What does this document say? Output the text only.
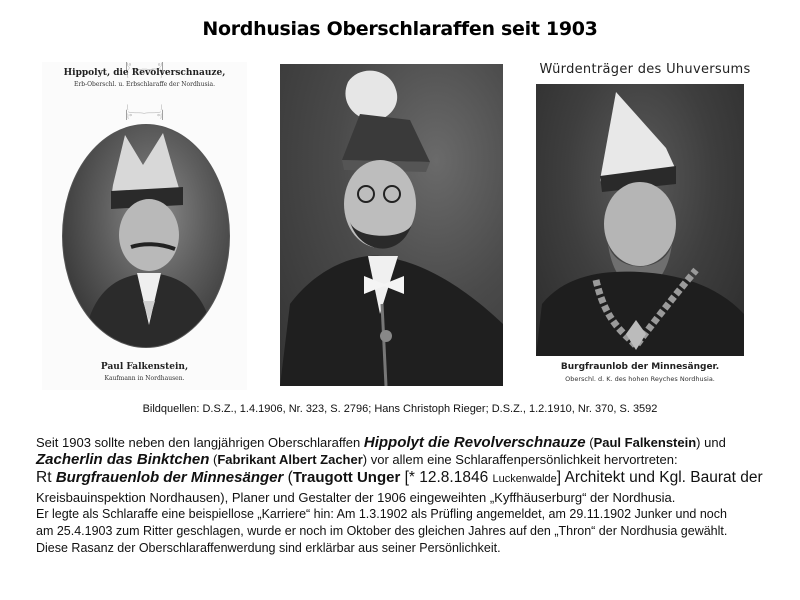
Nordhusias Oberschlaraffen seit 1903
Hippolyt, die Revolverschnauze,
Erb-Oberschl. u. Erbschlaraffe der Nordhusia.
Paul Falkenstein,
Kaufmann in Nordhausen.
Würdenträger des Uhuversums
Burgfraunlob der Minnesänger.
Oberschl. d. K. des hohen Reyches Nordhusia.
Bildquellen: D.S.Z., 1.4.1906, Nr. 323, S. 2796; Hans Christoph Rieger; D.S.Z., 1.2.1910, Nr. 370, S. 3592

Seit 1903 sollte neben den langjährigen Oberschlaraffen Hippolyt die Revolverschnauze (Paul Falkenstein) und

Zacherlin das Binktchen (Fabrikant Albert Zacher) vor allem eine Schlaraffenpersönlichkeit hervortreten:

Rt Burgfrauenlob der Minnesänger (Traugott Unger [* 12.8.1846 Luckenwalde] Architekt und Kgl. Baurat der

Kreisbauinspektion Nordhausen), Planer und Gestalter der 1906 eingeweihten „Kyffhäuserburg“ der Nordhusia.

Er legte als Schlaraffe eine beispiellose „Karriere“ hin: Am 1.3.1902 als Prüfling angemeldet, am 29.11.1902 Junker und noch

am 25.4.1903 zum Ritter geschlagen, wurde er noch im Oktober des gleichen Jahres auf den „Thron“ der Nordhusia gewählt.

Diese Rasanz der Oberschlaraffenwerdung sind erklärbar aus seiner Persönlichkeit.
